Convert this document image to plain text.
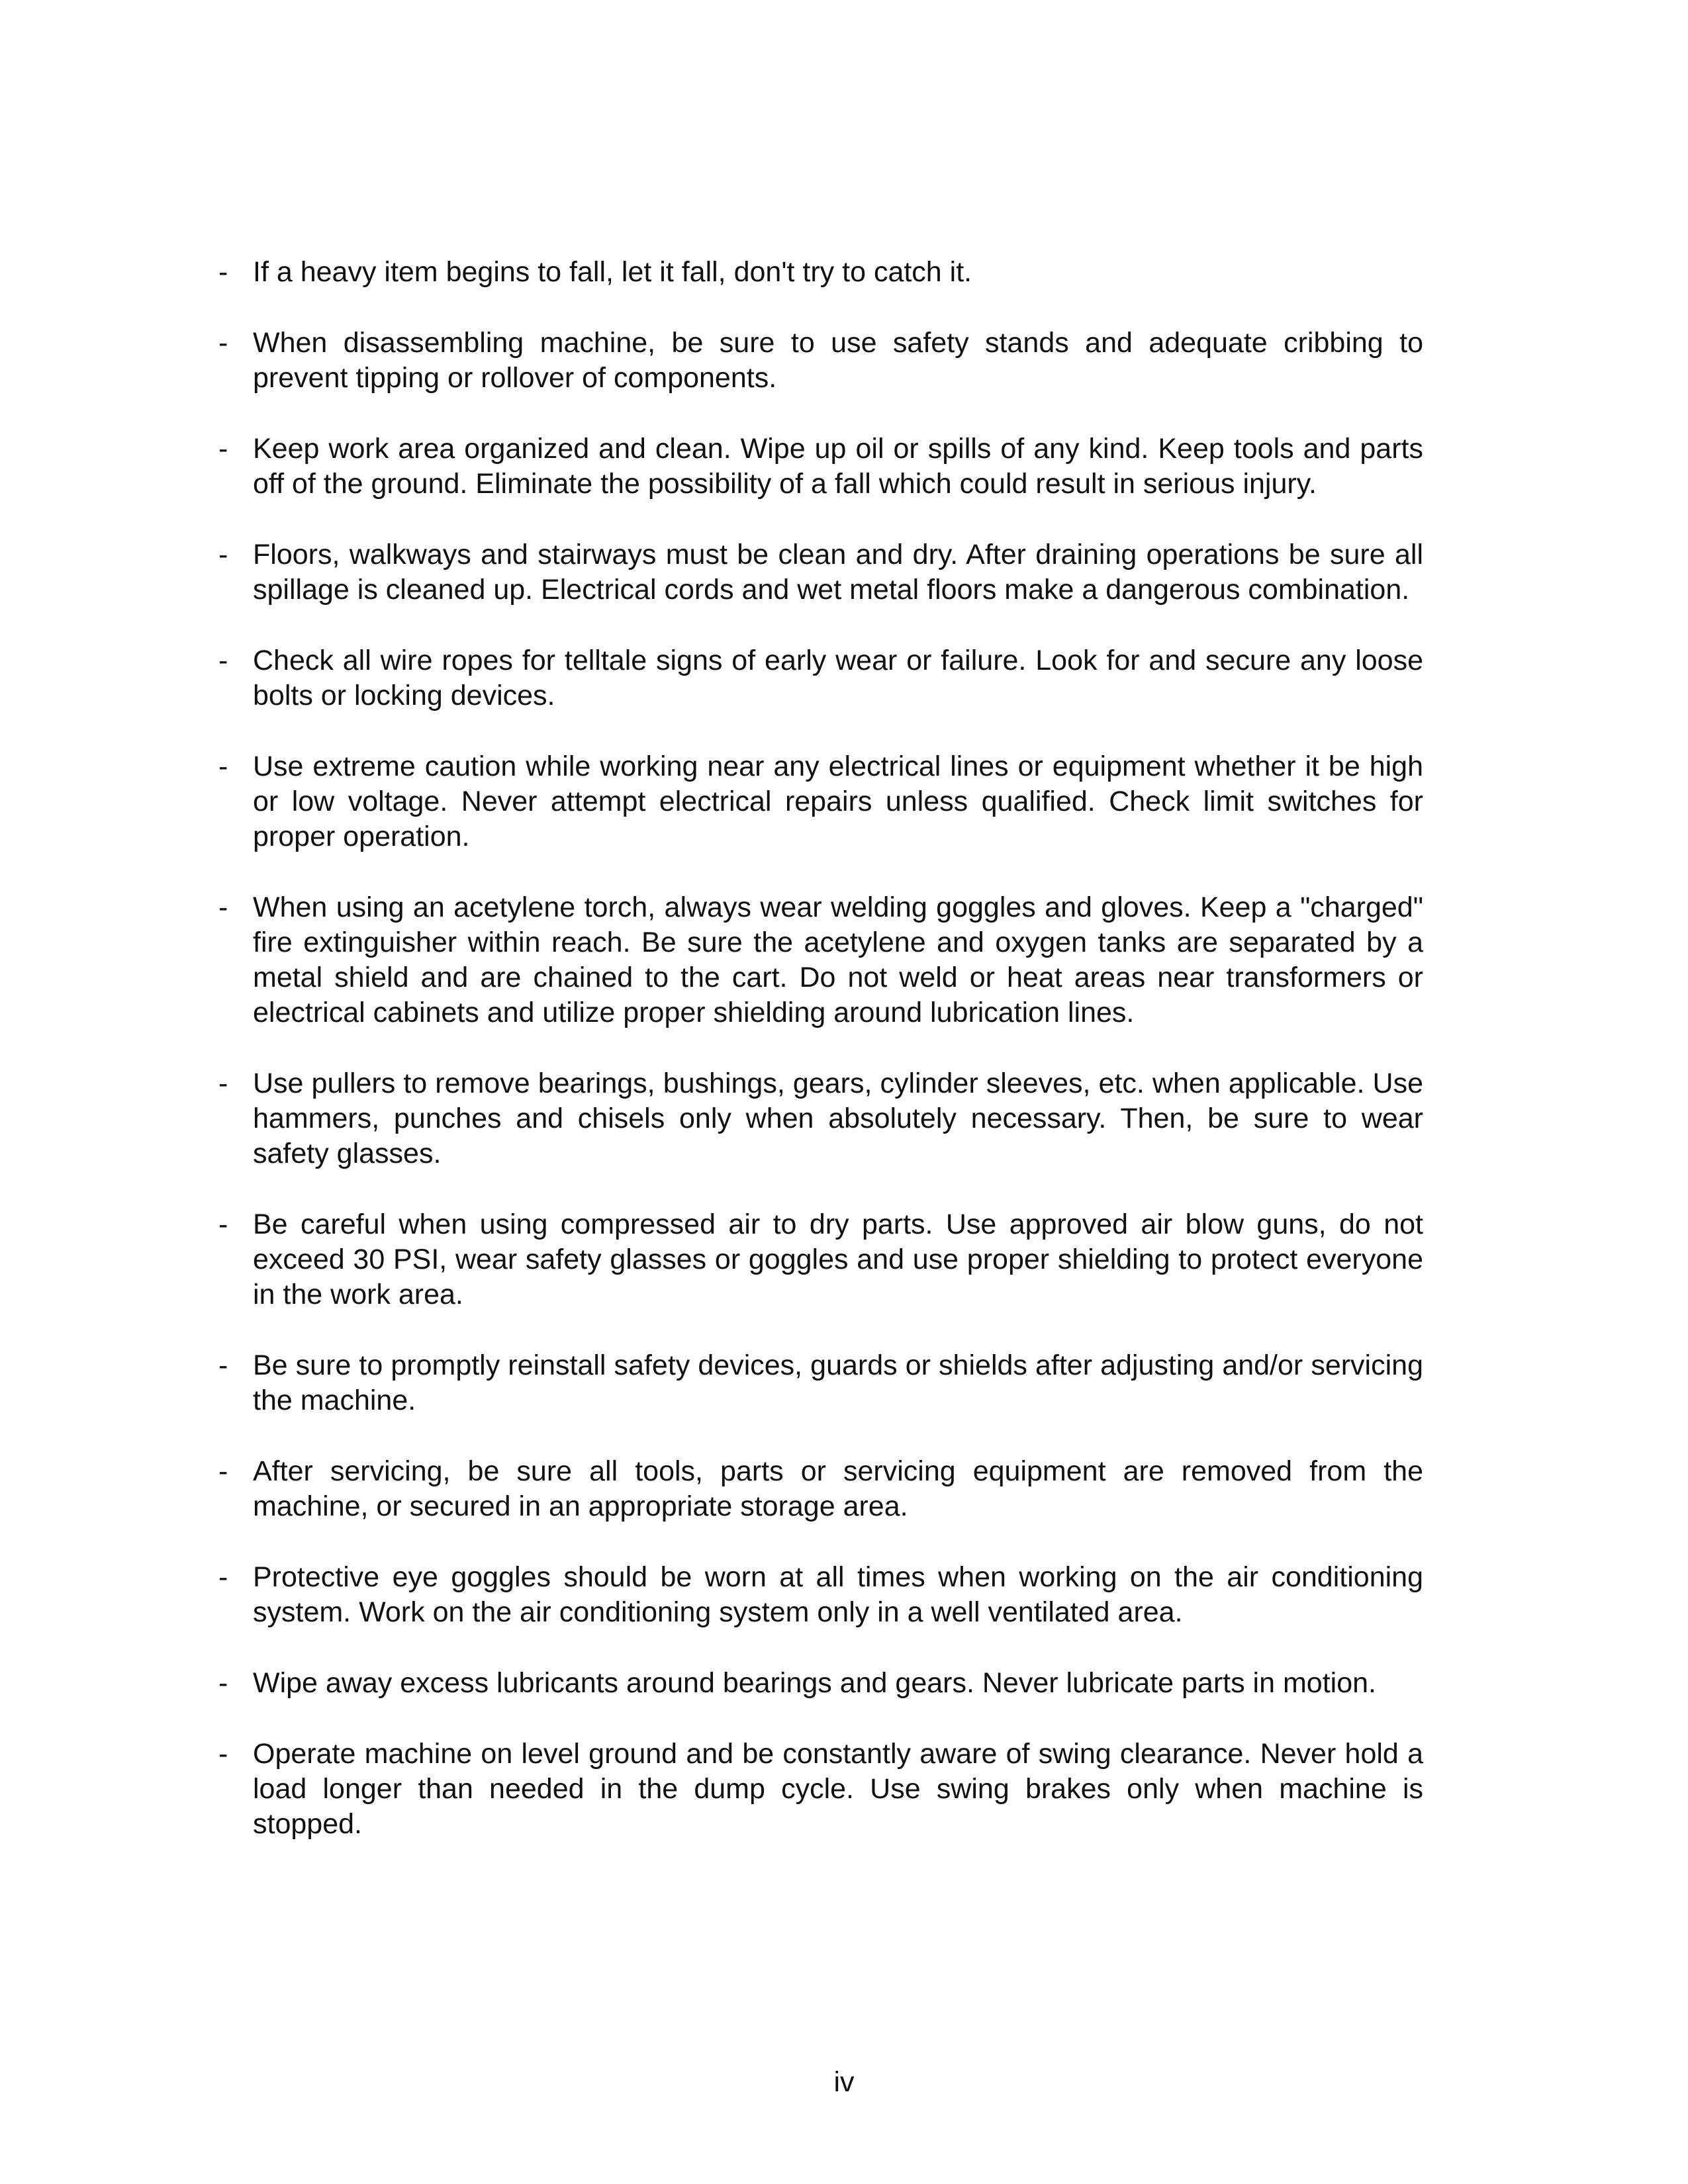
- If a heavy item begins to fall, let it fall, don't try to catch it.
- When disassembling machine, be sure to use safety stands and adequate cribbing to prevent tipping or rollover of components.
- Keep work area organized and clean. Wipe up oil or spills of any kind. Keep tools and parts off of the ground. Eliminate the possibility of a fall which could result in serious injury.
- Floors, walkways and stairways must be clean and dry. After draining operations be sure all spillage is cleaned up. Electrical cords and wet metal floors make a dangerous combination.
- Check all wire ropes for telltale signs of early wear or failure. Look for and secure any loose bolts or locking devices.
- Use extreme caution while working near any electrical lines or equipment whether it be high or low voltage. Never attempt electrical repairs unless qualified. Check limit switches for proper operation.
- When using an acetylene torch, always wear welding goggles and gloves. Keep a "charged" fire extinguisher within reach. Be sure the acetylene and oxygen tanks are separated by a metal shield and are chained to the cart. Do not weld or heat areas near transformers or electrical cabinets and utilize proper shielding around lubrication lines.
- Use pullers to remove bearings, bushings, gears, cylinder sleeves, etc. when applicable. Use hammers, punches and chisels only when absolutely necessary. Then, be sure to wear safety glasses.
- Be careful when using compressed air to dry parts. Use approved air blow guns, do not exceed 30 PSI, wear safety glasses or goggles and use proper shielding to protect everyone in the work area.
- Be sure to promptly reinstall safety devices, guards or shields after adjusting and/or servicing the machine.
- After servicing, be sure all tools, parts or servicing equipment are removed from the machine, or secured in an appropriate storage area.
- Protective eye goggles should be worn at all times when working on the air conditioning system. Work on the air conditioning system only in a well ventilated area.
- Wipe away excess lubricants around bearings and gears. Never lubricate parts in motion.
- Operate machine on level ground and be constantly aware of swing clearance. Never hold a load longer than needed in the dump cycle. Use swing brakes only when machine is stopped.
iv
